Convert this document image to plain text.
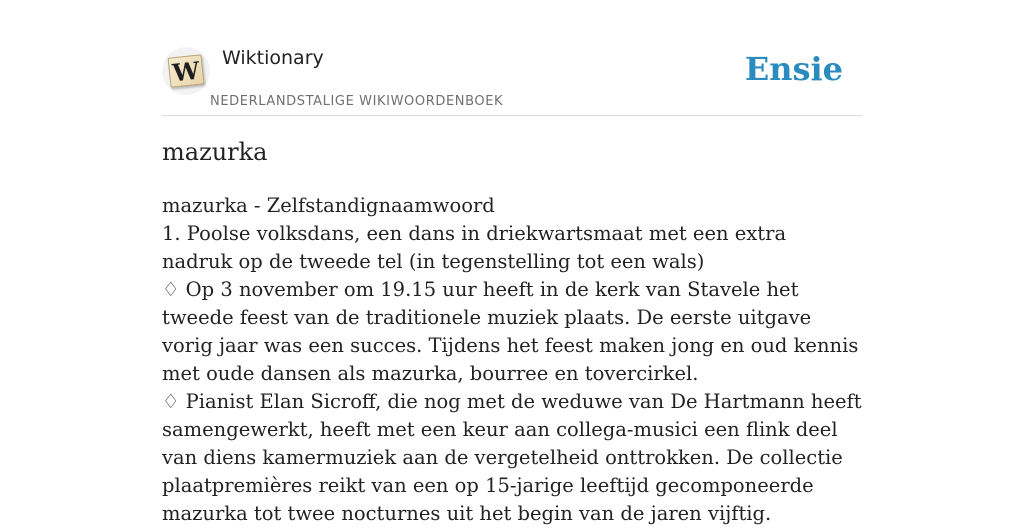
W Wiktionary
NEDERLANDSTALIGE WIKIWOORDENBOEK
Ensie
mazurka

mazurka - Zelfstandignaamwoord

1. Poolse volksdans, een dans in driekwartsmaat met een extra nadruk op de tweede tel (in tegenstelling tot een wals)

♢ Op 3 november om 19.15 uur heeft in de kerk van Stavele het tweede feest van de traditionele muziek plaats. De eerste uitgave vorig jaar was een succes. Tijdens het feest maken jong en oud kennis met oude dansen als mazurka, bourree en tovercirkel.

♢ Pianist Elan Sicroff, die nog met de weduwe van De Hartmann heeft samengewerkt, heeft met een keur aan collega-musici een flink deel van diens kamermuziek aan de vergetelheid onttrokken. De collectie plaatpremières reikt van een op 15-jarige leeftijd gecomponeerde mazurka tot twee nocturnes uit het begin van de jaren vijftig.
